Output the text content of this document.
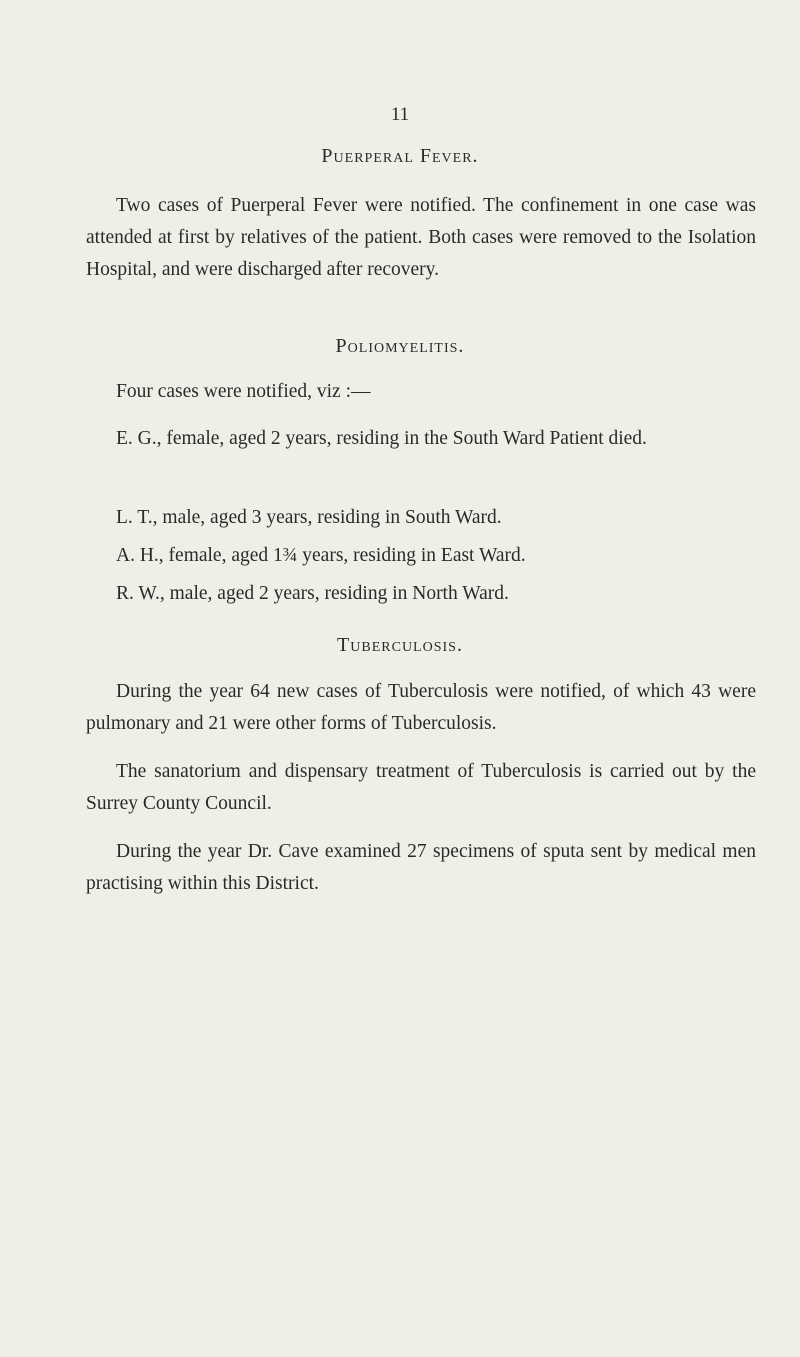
11
Puerperal Fever.
Two cases of Puerperal Fever were notified. The confinement in one case was attended at first by relatives of the patient. Both cases were removed to the Isolation Hospital, and were discharged after recovery.
Poliomyelitis.
Four cases were notified, viz :—
E. G., female, aged 2 years, residing in the South Ward Patient died.
L. T., male, aged 3 years, residing in South Ward.
A. H., female, aged 1¾ years, residing in East Ward.
R. W., male, aged 2 years, residing in North Ward.
Tuberculosis.
During the year 64 new cases of Tuberculosis were notified, of which 43 were pulmonary and 21 were other forms of Tuberculosis.
The sanatorium and dispensary treatment of Tuberculosis is carried out by the Surrey County Council.
During the year Dr. Cave examined 27 specimens of sputa sent by medical men practising within this District.
